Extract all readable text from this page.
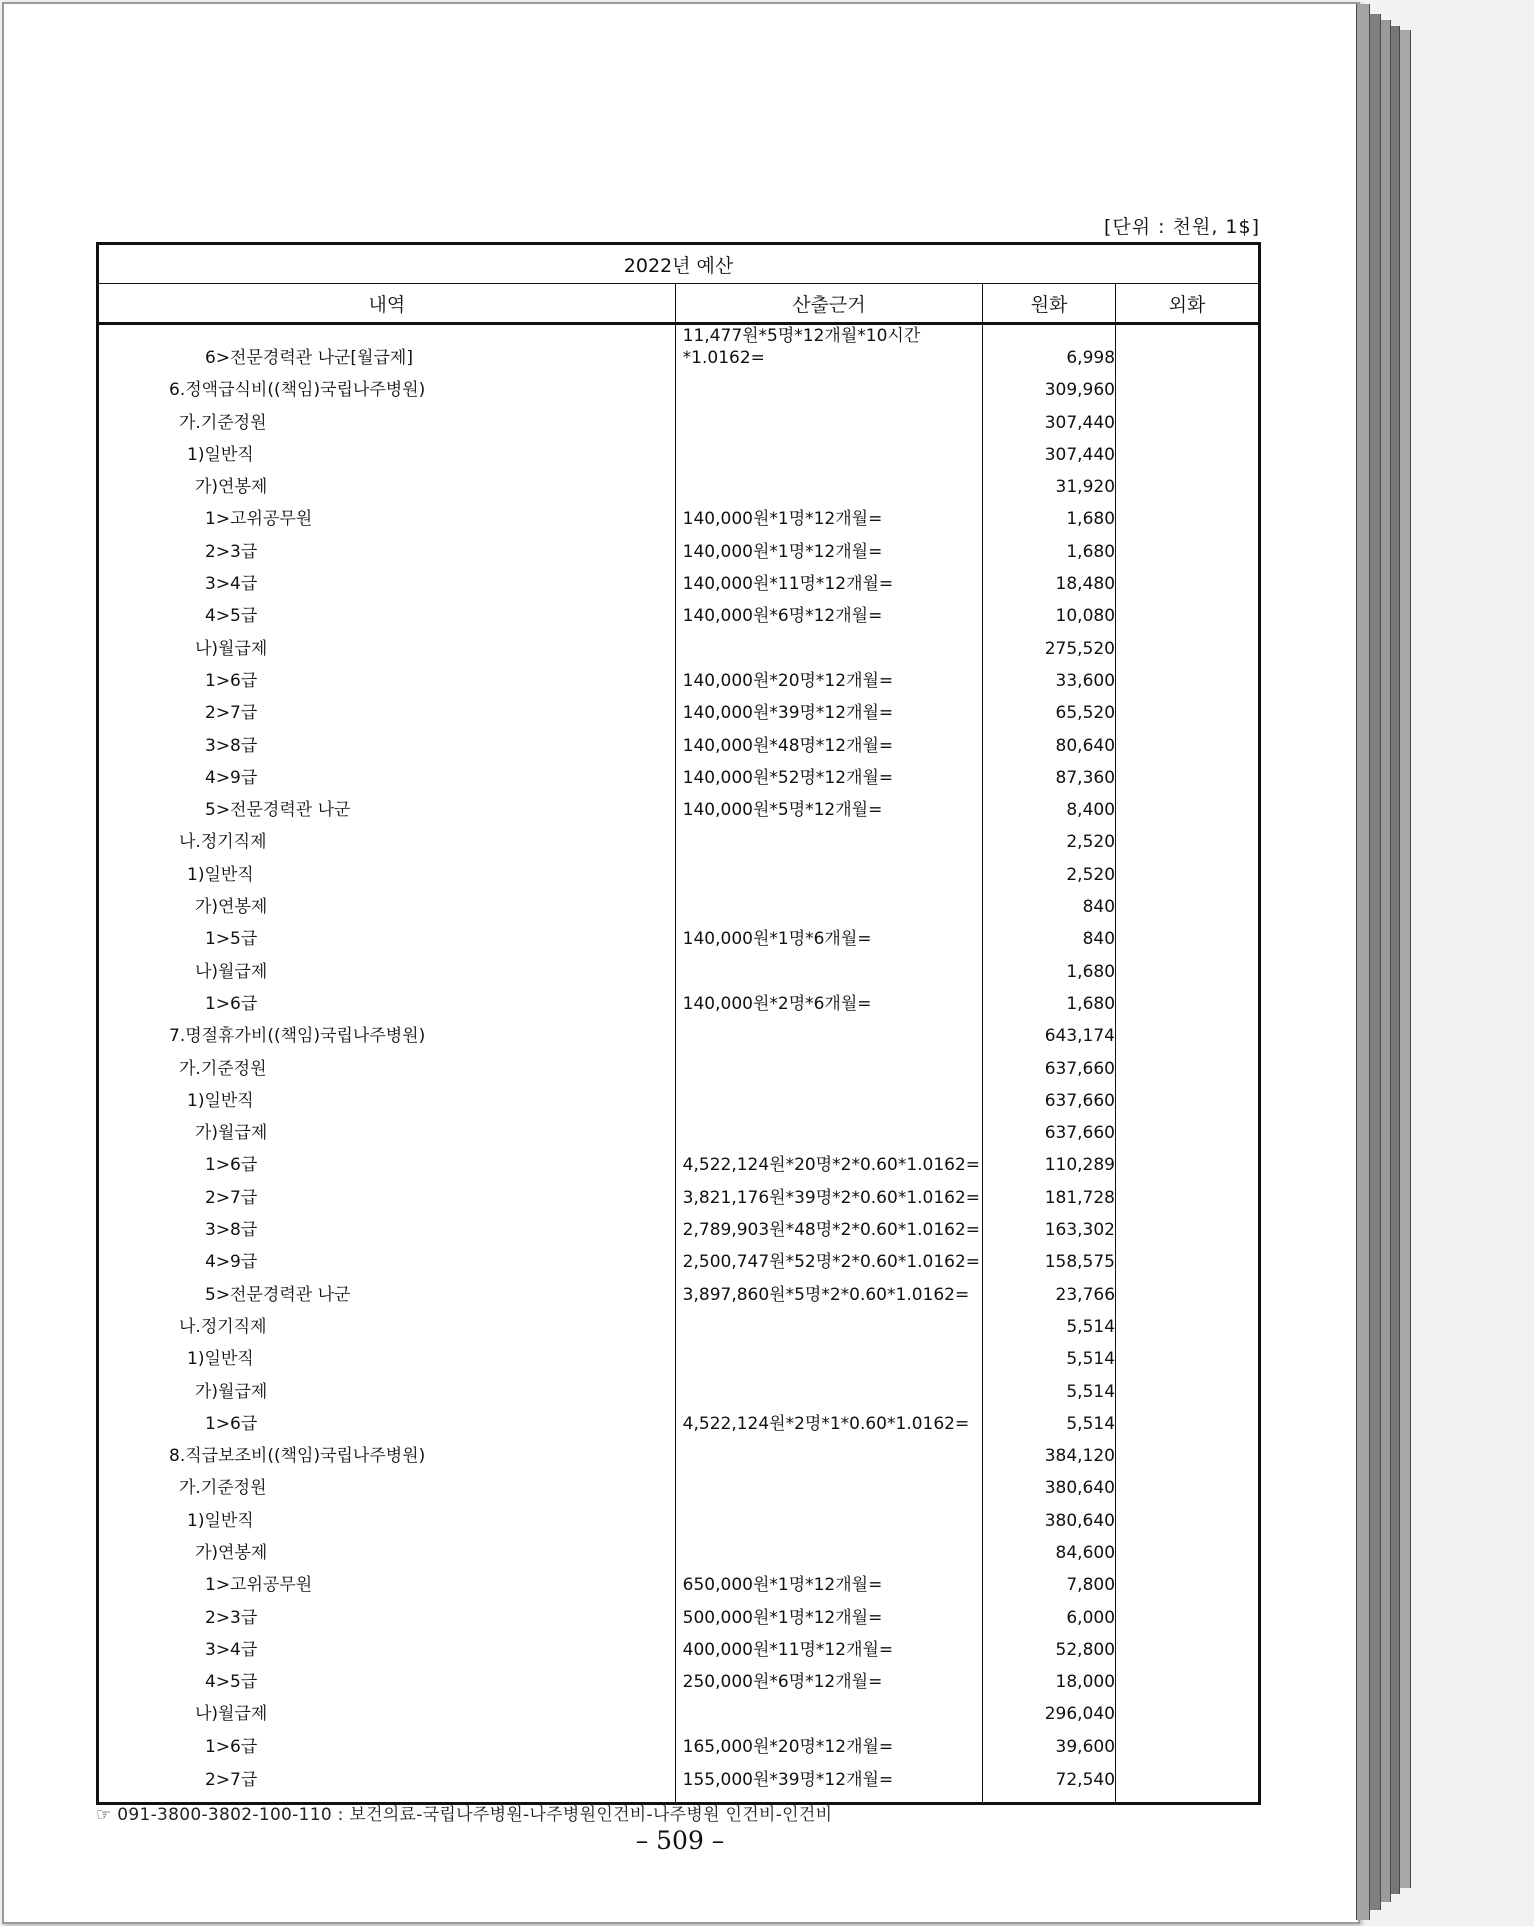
[단위 : 천원, 1$]
2022년 예산			
내역	산출근거	원화	외화
6>전문경력관 나군[월급제]	11,477원*5명*12개월*10시간*1.0162=	6,998	
6.정액급식비((책임)국립나주병원)		309,960	
가.기준정원		307,440	
1)일반직		307,440	
가)연봉제		31,920	
1>고위공무원	140,000원*1명*12개월=	1,680	
2>3급	140,000원*1명*12개월=	1,680	
3>4급	140,000원*11명*12개월=	18,480	
4>5급	140,000원*6명*12개월=	10,080	
나)월급제		275,520	
1>6급	140,000원*20명*12개월=	33,600	
2>7급	140,000원*39명*12개월=	65,520	
3>8급	140,000원*48명*12개월=	80,640	
4>9급	140,000원*52명*12개월=	87,360	
5>전문경력관 나군	140,000원*5명*12개월=	8,400	
나.정기직제		2,520	
1)일반직		2,520	
가)연봉제		840	
1>5급	140,000원*1명*6개월=	840	
나)월급제		1,680	
1>6급	140,000원*2명*6개월=	1,680	
7.명절휴가비((책임)국립나주병원)		643,174	
가.기준정원		637,660	
1)일반직		637,660	
가)월급제		637,660	
1>6급	4,522,124원*20명*2*0.60*1.0162=	110,289	
2>7급	3,821,176원*39명*2*0.60*1.0162=	181,728	
3>8급	2,789,903원*48명*2*0.60*1.0162=	163,302	
4>9급	2,500,747원*52명*2*0.60*1.0162=	158,575	
5>전문경력관 나군	3,897,860원*5명*2*0.60*1.0162=	23,766	
나.정기직제		5,514	
1)일반직		5,514	
가)월급제		5,514	
1>6급	4,522,124원*2명*1*0.60*1.0162=	5,514	
8.직급보조비((책임)국립나주병원)		384,120	
가.기준정원		380,640	
1)일반직		380,640	
가)연봉제		84,600	
1>고위공무원	650,000원*1명*12개월=	7,800	
2>3급	500,000원*1명*12개월=	6,000	
3>4급	400,000원*11명*12개월=	52,800	
4>5급	250,000원*6명*12개월=	18,000	
나)월급제		296,040	
1>6급	165,000원*20명*12개월=	39,600	
2>7급	155,000원*39명*12개월=	72,540	
☞ 091-3800-3802-100-110 : 보건의료-국립나주병원-나주병원인건비-나주병원 인건비-인건비
– 509 –
